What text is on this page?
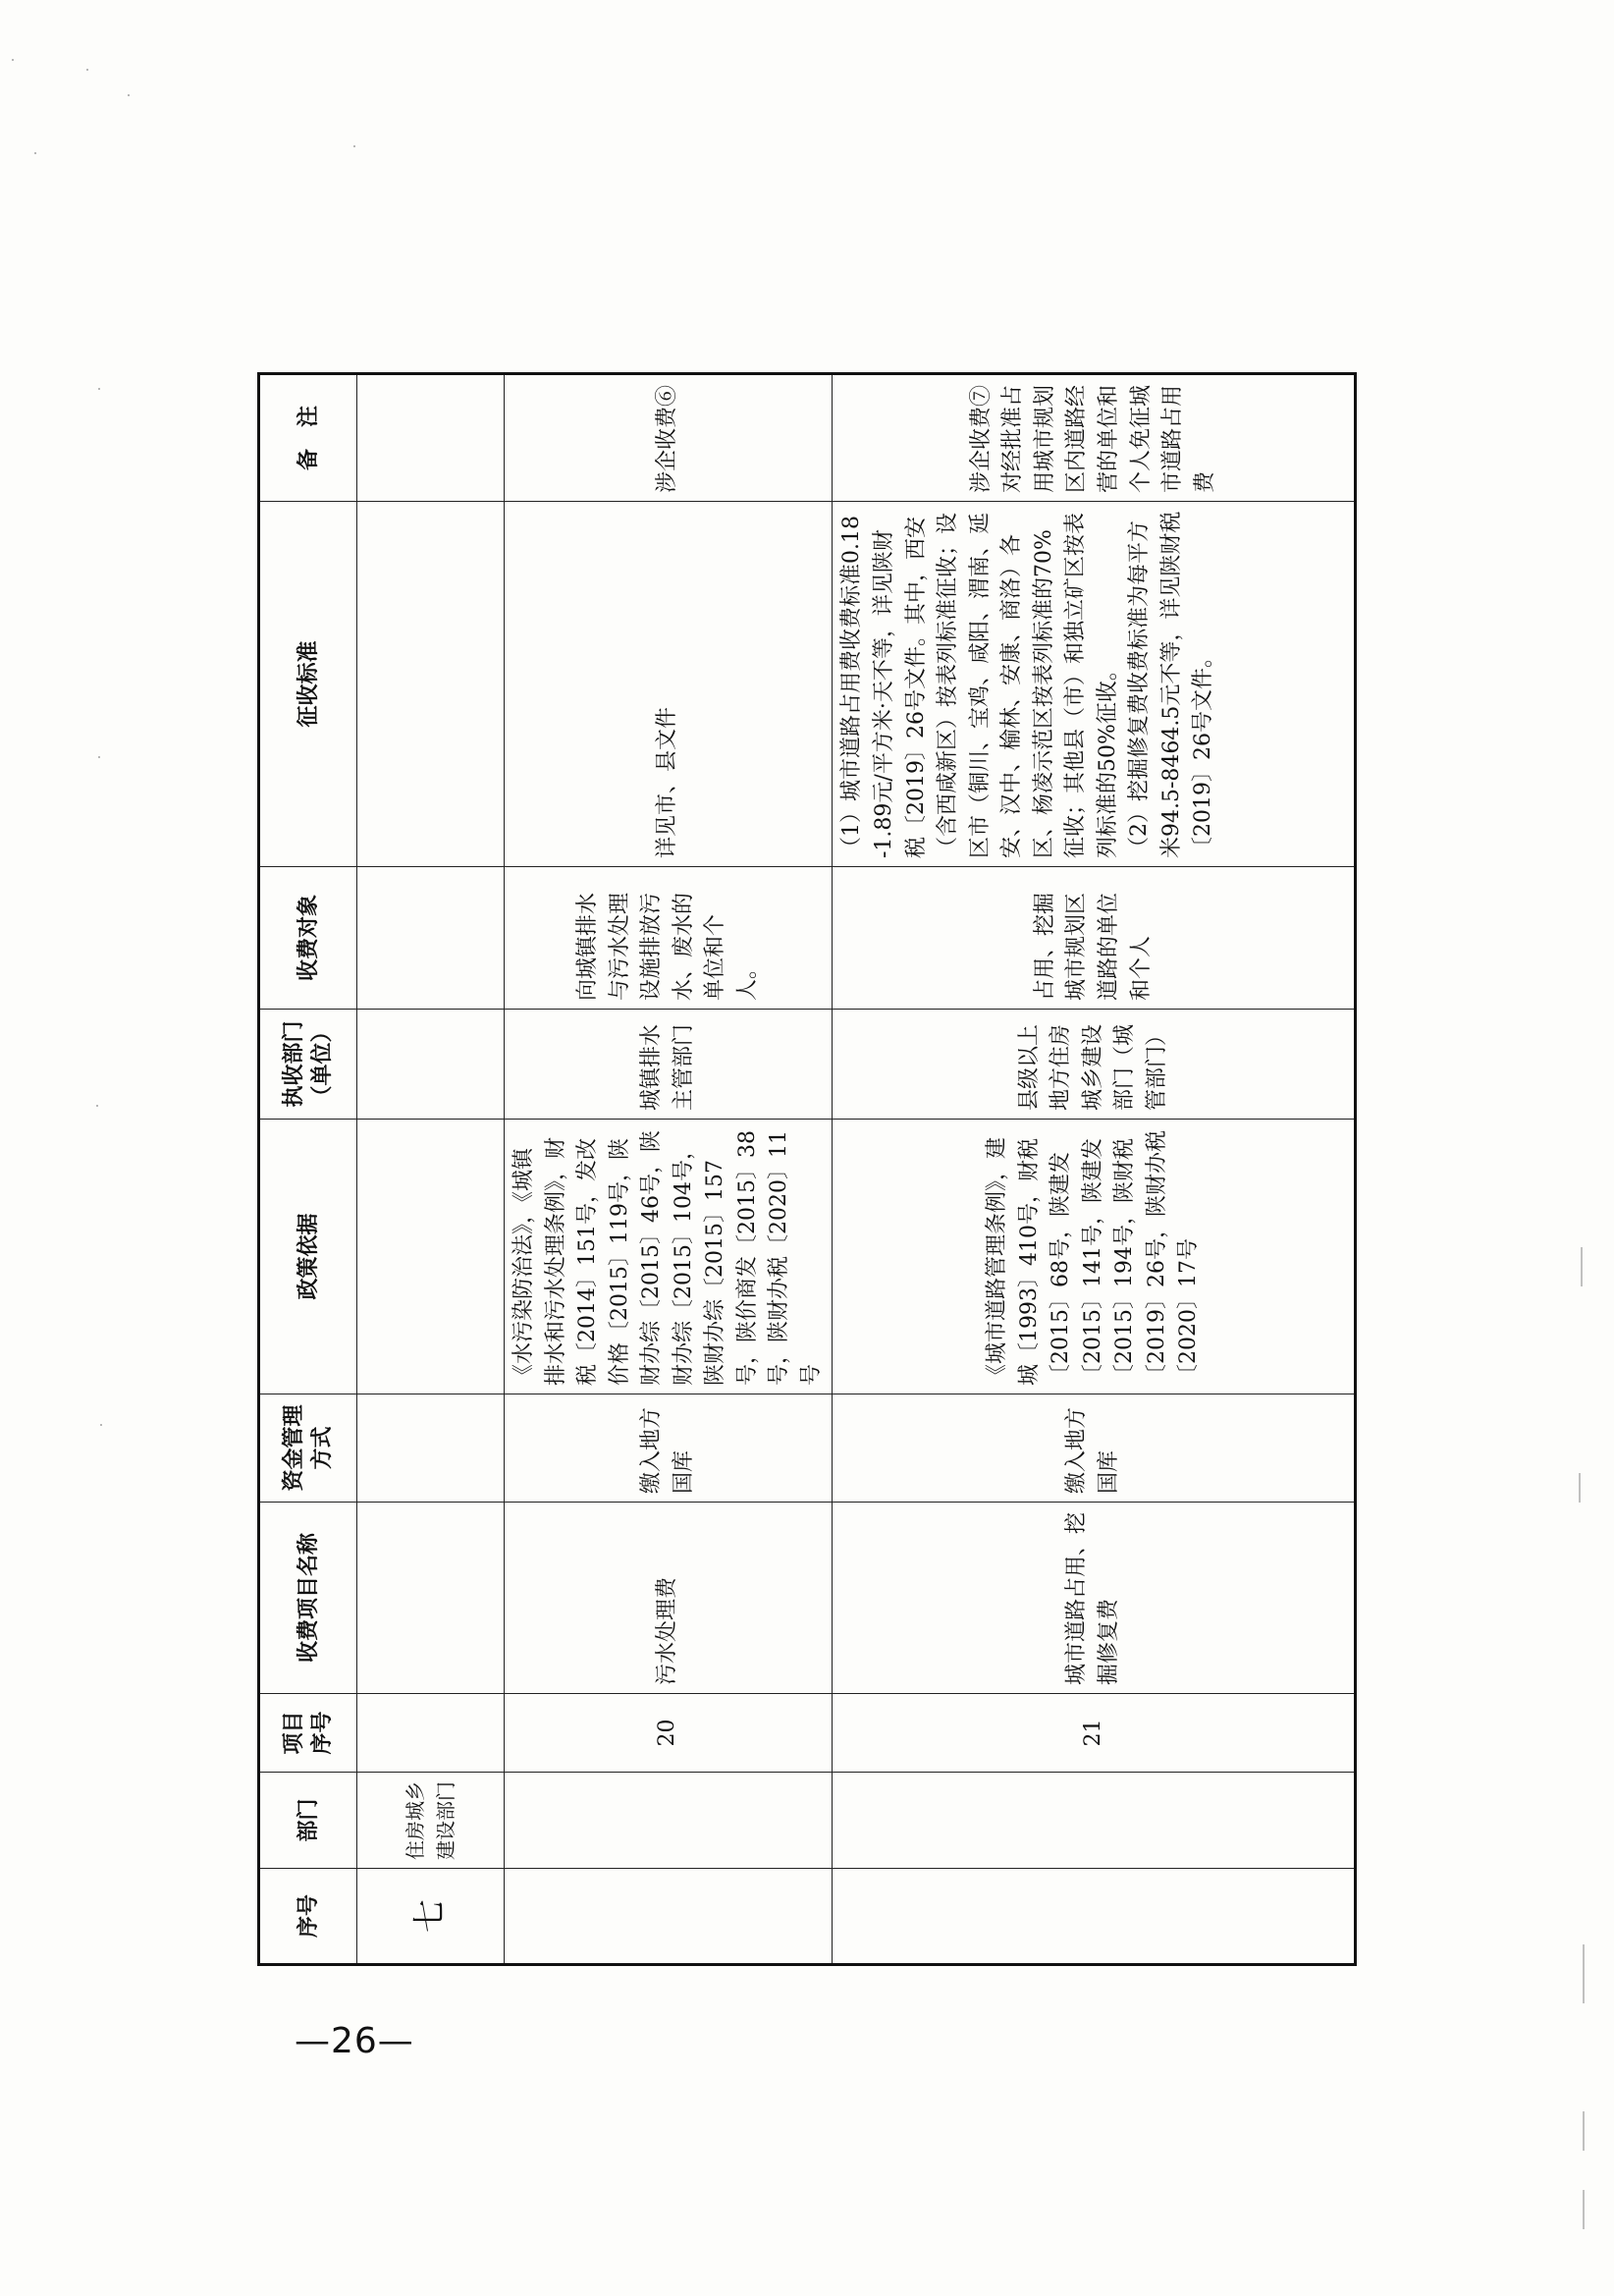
序号	部门	项目序号	收费项目名称	资金管理方式	政策依据	执收部门（单位）	收费对象	征收标准	备　注
七	住房城乡建设部门								
		20	污水处理费	缴入地方国库	《水污染防治法》，《城镇排水和污水处理条例》，财税〔2014〕151号，发改价格〔2015〕119号，陕财办综〔2015〕46号，陕财办综〔2015〕104号，陕财办综〔2015〕157号，陕价商发〔2015〕38号，陕财办税〔2020〕11号	城镇排水主管部门	向城镇排水与污水处理设施排放污水、废水的单位和个人。	详见市、县文件	涉企收费⑥
		21	城市道路占用、挖掘修复费	缴入地方国库	《城市道路管理条例》，建城〔1993〕410号，财税〔2015〕68号，陕建发〔2015〕141号，陕建发〔2015〕194号，陕财税〔2019〕26号，陕财办税〔2020〕17号	县级以上地方住房城乡建设部门（城管部门）	占用、挖掘城市规划区道路的单位和个人	（1）城市道路占用费收费标准0.18-1.89元/平方米·天不等，详见陕财税〔2019〕26号文件。其中，西安（含西咸新区）按表列标准征收；设区市（铜川、宝鸡、咸阳、渭南、延安、汉中、榆林、安康、商洛）各区、杨凌示范区按表列标准的70%征收；其他县（市）和独立矿区按表列标准的50%征收。 （2）挖掘修复费收费标准为每平方米94.5-8464.5元不等，详见陕财税〔2019〕26号文件。	涉企收费⑦对经批准占用城市规划区内道路经营的单位和个人免征城市道路占用费
—26—
